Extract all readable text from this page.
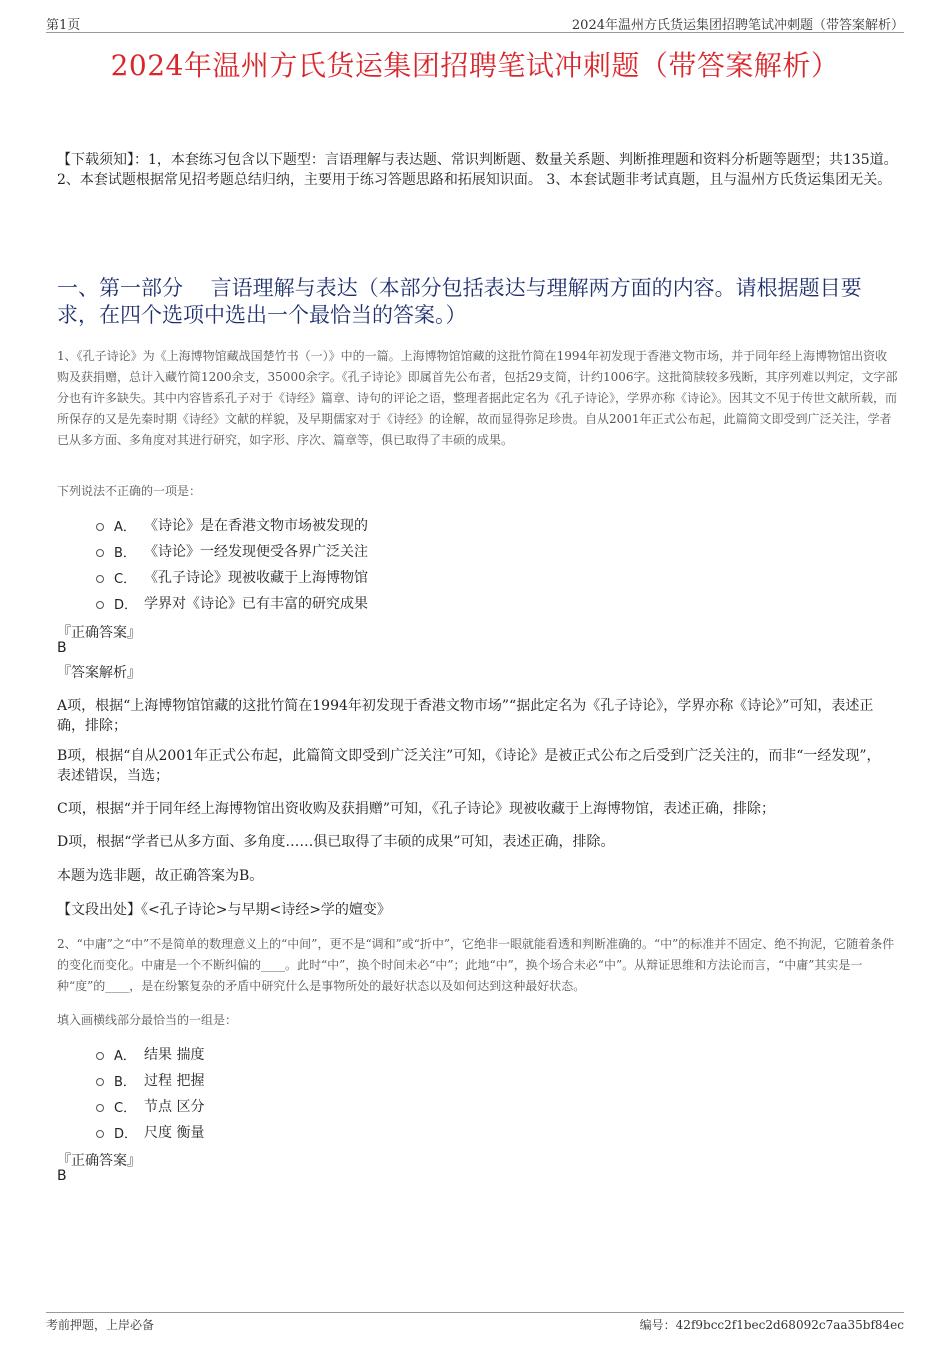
第1页	2024年温州方氏货运集团招聘笔试冲刺题（带答案解析）
2024年温州方氏货运集团招聘笔试冲刺题（带答案解析）
【下载须知】：1，本套练习包含以下题型：言语理解与表达题、常识判断题、数量关系题、判断推理题和资料分析题等题型；共135道。 2、本套试题根据常见招考题总结归纳，主要用于练习答题思路和拓展知识面。 3、本套试题非考试真题，且与温州方氏货运集团无关。
一、第一部分　 言语理解与表达（本部分包括表达与理解两方面的内容。请根据题目要求，在四个选项中选出一个最恰当的答案。）
1、《孔子诗论》为《上海博物馆藏战国楚竹书（一）》中的一篇。上海博物馆馆藏的这批竹简在1994年初发现于香港文物市场，并于同年经上海博物馆出资收购及获捐赠，总计入藏竹简1200余支，35000余字。《孔子诗论》即属首先公布者，包括29支简，计约1006字。这批简牍较多残断，其序列难以判定，文字部分也有许多缺失。其中内容皆系孔子对于《诗经》篇章、诗句的评论之语，整理者据此定名为《孔子诗论》，学界亦称《诗论》。因其文不见于传世文献所载，而所保存的又是先秦时期《诗经》文献的样貌，及早期儒家对于《诗经》的诠解，故而显得弥足珍贵。自从2001年正式公布起，此篇简文即受到广泛关注，学者已从多方面、多角度对其进行研究，如字形、序次、篇章等，俱已取得了丰硕的成果。
下列说法不正确的一项是：
A． 《诗论》是在香港文物市场被发现的
B． 《诗论》一经发现便受各界广泛关注
C． 《孔子诗论》现被收藏于上海博物馆
D． 学界对《诗论》已有丰富的研究成果
『正确答案』
B
『答案解析』
A项，根据“上海博物馆馆藏的这批竹简在1994年初发现于香港文物市场”“据此定名为《孔子诗论》，学界亦称《诗论》”可知，表述正确，排除；
B项，根据“自从2001年正式公布起，此篇简文即受到广泛关注”可知，《诗论》是被正式公布之后受到广泛关注的，而非“一经发现”，表述错误，当选；
C项，根据“并于同年经上海博物馆出资收购及获捐赠”可知，《孔子诗论》现被收藏于上海博物馆，表述正确，排除；
D项，根据“学者已从多方面、多角度……俱已取得了丰硕的成果”可知，表述正确，排除。
本题为选非题，故正确答案为B。
【文段出处】《<孔子诗论>与早期<诗经>学的嬗变》
2、“中庸”之“中”不是简单的数理意义上的“中间”，更不是“调和”或“折中”，它绝非一眼就能看透和判断准确的。“中”的标准并不固定、绝不拘泥，它随着条件的变化而变化。中庸是一个不断纠偏的____。此时“中”，换个时间未必“中”；此地“中”，换个场合未必“中”。从辩证思维和方法论而言，“中庸”其实是一种“度”的____，是在纷繁复杂的矛盾中研究什么是事物所处的最好状态以及如何达到这种最好状态。
填入画横线部分最恰当的一组是：
A． 结果 揣度
B． 过程 把握
C． 节点 区分
D． 尺度 衡量
『正确答案』
B
考前押题，上岸必备	编号：42f9bcc2f1bec2d68092c7aa35bf84ec
